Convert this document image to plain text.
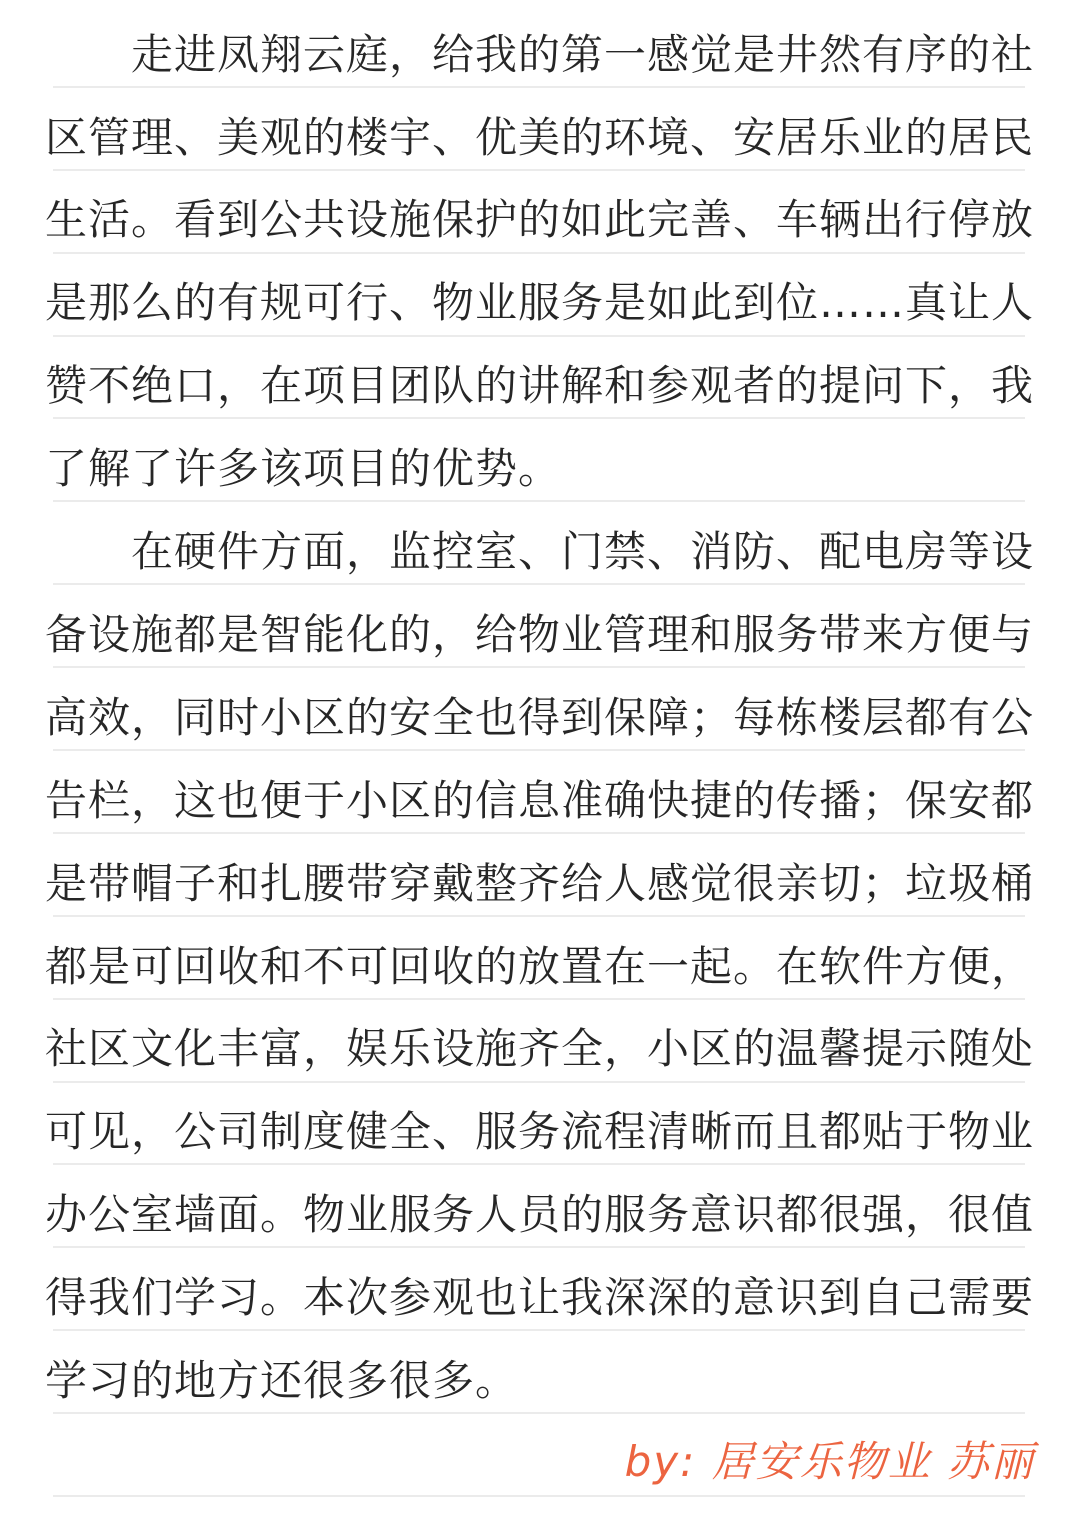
走进凤翔云庭，给我的第一感觉是井然有序的社
区管理、美观的楼宇、优美的环境、安居乐业的居民
生活。看到公共设施保护的如此完善、车辆出行停放
是那么的有规可行、物业服务是如此到位……真让人
赞不绝口，在项目团队的讲解和参观者的提问下，我
了解了许多该项目的优势。
在硬件方面，监控室、门禁、消防、配电房等设
备设施都是智能化的，给物业管理和服务带来方便与
高效，同时小区的安全也得到保障；每栋楼层都有公
告栏，这也便于小区的信息准确快捷的传播；保安都
是带帽子和扎腰带穿戴整齐给人感觉很亲切；垃圾桶
都是可回收和不可回收的放置在一起。在软件方便，
社区文化丰富，娱乐设施齐全，小区的温馨提示随处
可见，公司制度健全、服务流程清晰而且都贴于物业
办公室墙面。物业服务人员的服务意识都很强，很值
得我们学习。本次参观也让我深深的意识到自己需要
学习的地方还很多很多。
by: 居安乐物业 苏丽
